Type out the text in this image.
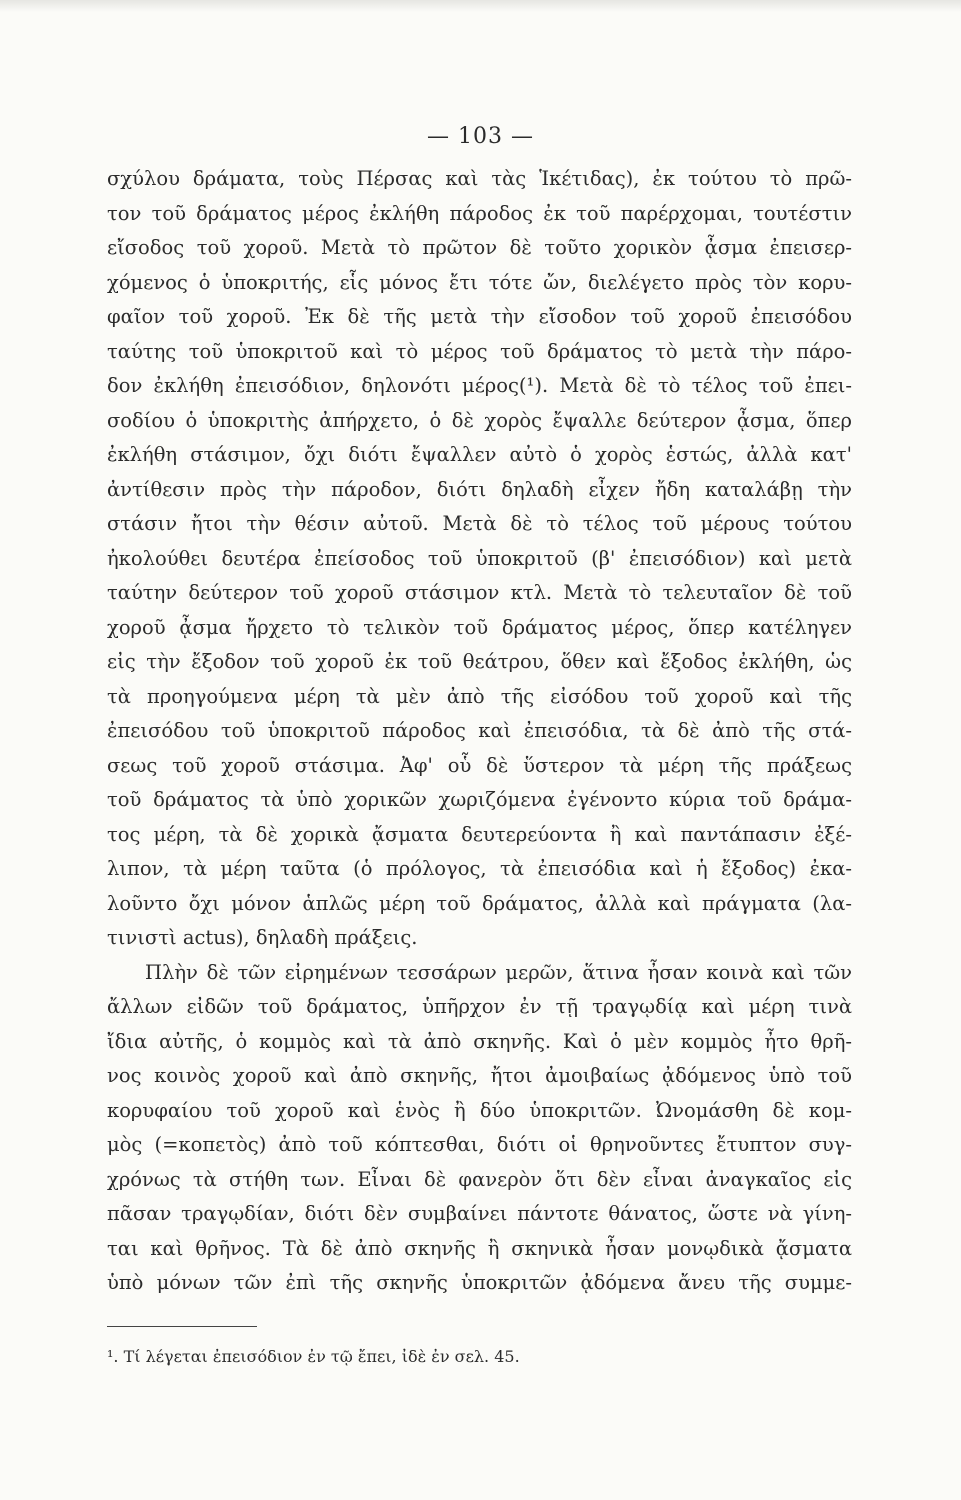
— 103 —
σχύλου δράματα, τοὺς Πέρσας καὶ τὰς Ἱκέτιδας), ἐκ τούτου τὸ πρῶ-
τον τοῦ δράματος μέρος ἐκλήθη πάροδος ἐκ τοῦ παρέρχομαι, τουτέστιν
εἴσοδος τοῦ χοροῦ. Μετὰ τὸ πρῶτον δὲ τοῦτο χορικὸν ᾆσμα ἐπεισερ-
χόμενος ὁ ὑποκριτής, εἷς μόνος ἔτι τότε ὤν, διελέγετο πρὸς τὸν κορυ-
φαῖον τοῦ χοροῦ. Ἐκ δὲ τῆς μετὰ τὴν εἴσοδον τοῦ χοροῦ ἐπεισόδου
ταύτης τοῦ ὑποκριτοῦ καὶ τὸ μέρος τοῦ δράματος τὸ μετὰ τὴν πάρο-
δον ἐκλήθη ἐπεισόδιον, δηλονότι μέρος(¹). Μετὰ δὲ τὸ τέλος τοῦ ἐπει-
σοδίου ὁ ὑποκριτὴς ἀπήρχετο, ὁ δὲ χορὸς ἔψαλλε δεύτερον ᾆσμα, ὅπερ
ἐκλήθη στάσιμον, ὄχι διότι ἔψαλλεν αὐτὸ ὁ χορὸς ἑστώς, ἀλλὰ κατ'
ἀντίθεσιν πρὸς τὴν πάροδον, διότι δηλαδὴ εἶχεν ἤδη καταλάβῃ τὴν
στάσιν ἤτοι τὴν θέσιν αὐτοῦ. Μετὰ δὲ τὸ τέλος τοῦ μέρους τούτου
ἠκολούθει δευτέρα ἐπείσοδος τοῦ ὑποκριτοῦ (β' ἐπεισόδιον) καὶ μετὰ
ταύτην δεύτερον τοῦ χοροῦ στάσιμον κτλ. Μετὰ τὸ τελευταῖον δὲ τοῦ
χοροῦ ᾆσμα ἤρχετο τὸ τελικὸν τοῦ δράματος μέρος, ὅπερ κατέληγεν
εἰς τὴν ἔξοδον τοῦ χοροῦ ἐκ τοῦ θεάτρου, ὅθεν καὶ ἔξοδος ἐκλήθη, ὡς
τὰ προηγούμενα μέρη τὰ μὲν ἀπὸ τῆς εἰσόδου τοῦ χοροῦ καὶ τῆς
ἐπεισόδου τοῦ ὑποκριτοῦ πάροδος καὶ ἐπεισόδια, τὰ δὲ ἀπὸ τῆς στά-
σεως τοῦ χοροῦ στάσιμα. Ἀφ' οὗ δὲ ὕστερον τὰ μέρη τῆς πράξεως
τοῦ δράματος τὰ ὑπὸ χορικῶν χωριζόμενα ἐγένοντο κύρια τοῦ δράμα-
τος μέρη, τὰ δὲ χορικὰ ᾄσματα δευτερεύοντα ἢ καὶ παντάπασιν ἐξέ-
λιπον, τὰ μέρη ταῦτα (ὁ πρόλογος, τὰ ἐπεισόδια καὶ ἡ ἔξοδος) ἐκα-
λοῦντο ὄχι μόνον ἁπλῶς μέρη τοῦ δράματος, ἀλλὰ καὶ πράγματα (λα-
τινιστὶ actus), δηλαδὴ πράξεις.
Πλὴν δὲ τῶν εἰρημένων τεσσάρων μερῶν, ἅτινα ἦσαν κοινὰ καὶ τῶν
ἄλλων εἰδῶν τοῦ δράματος, ὑπῆρχον ἐν τῇ τραγῳδίᾳ καὶ μέρη τινὰ
ἴδια αὐτῆς, ὁ κομμὸς καὶ τὰ ἀπὸ σκηνῆς. Καὶ ὁ μὲν κομμὸς ἦτο θρῆ-
νος κοινὸς χοροῦ καὶ ἀπὸ σκηνῆς, ἤτοι ἀμοιβαίως ᾀδόμενος ὑπὸ τοῦ
κορυφαίου τοῦ χοροῦ καὶ ἑνὸς ἢ δύο ὑποκριτῶν. Ὠνομάσθη δὲ κομ-
μὸς (=κοπετὸς) ἀπὸ τοῦ κόπτεσθαι, διότι οἱ θρηνοῦντες ἔτυπτον συγ-
χρόνως τὰ στήθη των. Εἶναι δὲ φανερὸν ὅτι δὲν εἶναι ἀναγκαῖος εἰς
πᾶσαν τραγῳδίαν, διότι δὲν συμβαίνει πάντοτε θάνατος, ὥστε νὰ γίνη-
ται καὶ θρῆνος. Τὰ δὲ ἀπὸ σκηνῆς ἢ σκηνικὰ ἦσαν μονῳδικὰ ᾄσματα
ὑπὸ μόνων τῶν ἐπὶ τῆς σκηνῆς ὑποκριτῶν ᾀδόμενα ἄνευ τῆς συμμε-
¹. Τί λέγεται ἐπεισόδιον ἐν τῷ ἔπει, ἰδὲ ἐν σελ. 45.
